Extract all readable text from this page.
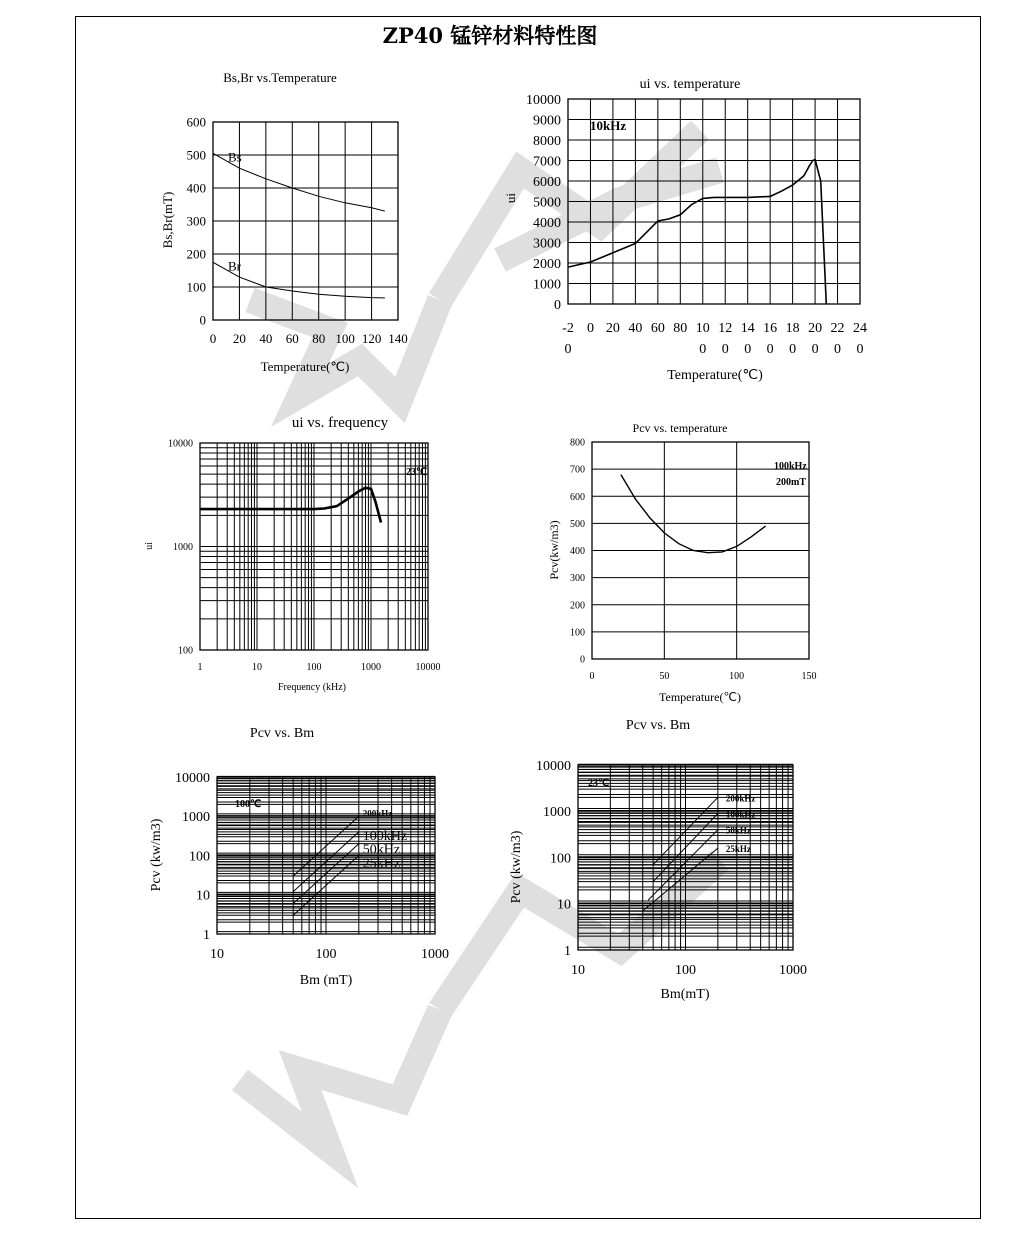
ZP40 锰锌材料特性图
Bs,Br vs.Temperature
0 20 40 60 80 100 120 140
0
100
200
300
400
500
600
Bs
Br
Temperature(℃)
Bs,Br(mT)
ui vs. temperature
-2 0 20 40 60 80 10 12 14 16 18 20 22 24
0	0 0 0 0 0 0 0 0
0
1000
2000
3000
4000
5000
6000
7000
8000
9000
10000
10kHz
Temperature(℃)
ui
ui vs. frequency
1	10	100	1000	10000
100
1000
10000
23℃
Frequency (kHz)
ui
Pcv vs. temperature
0	50	100	150
0
100
200
300
400
500
600
700
800
100kHz
200mT
Temperature(℃)
Pcv(kw/m3)
Pcv vs. Bm
10	100	1000
1
10
100
1000
10000
200kHz
100kHz
50kHz
25kHz
100℃
Bm (mT)
Pcv (kw/m3)
Pcv vs. Bm
10	100	1000
1
10
100
1000
10000
200kHz
100kHz
50kHz
25kHz
23℃
Bm(mT)
Pcv (kw/m3)
